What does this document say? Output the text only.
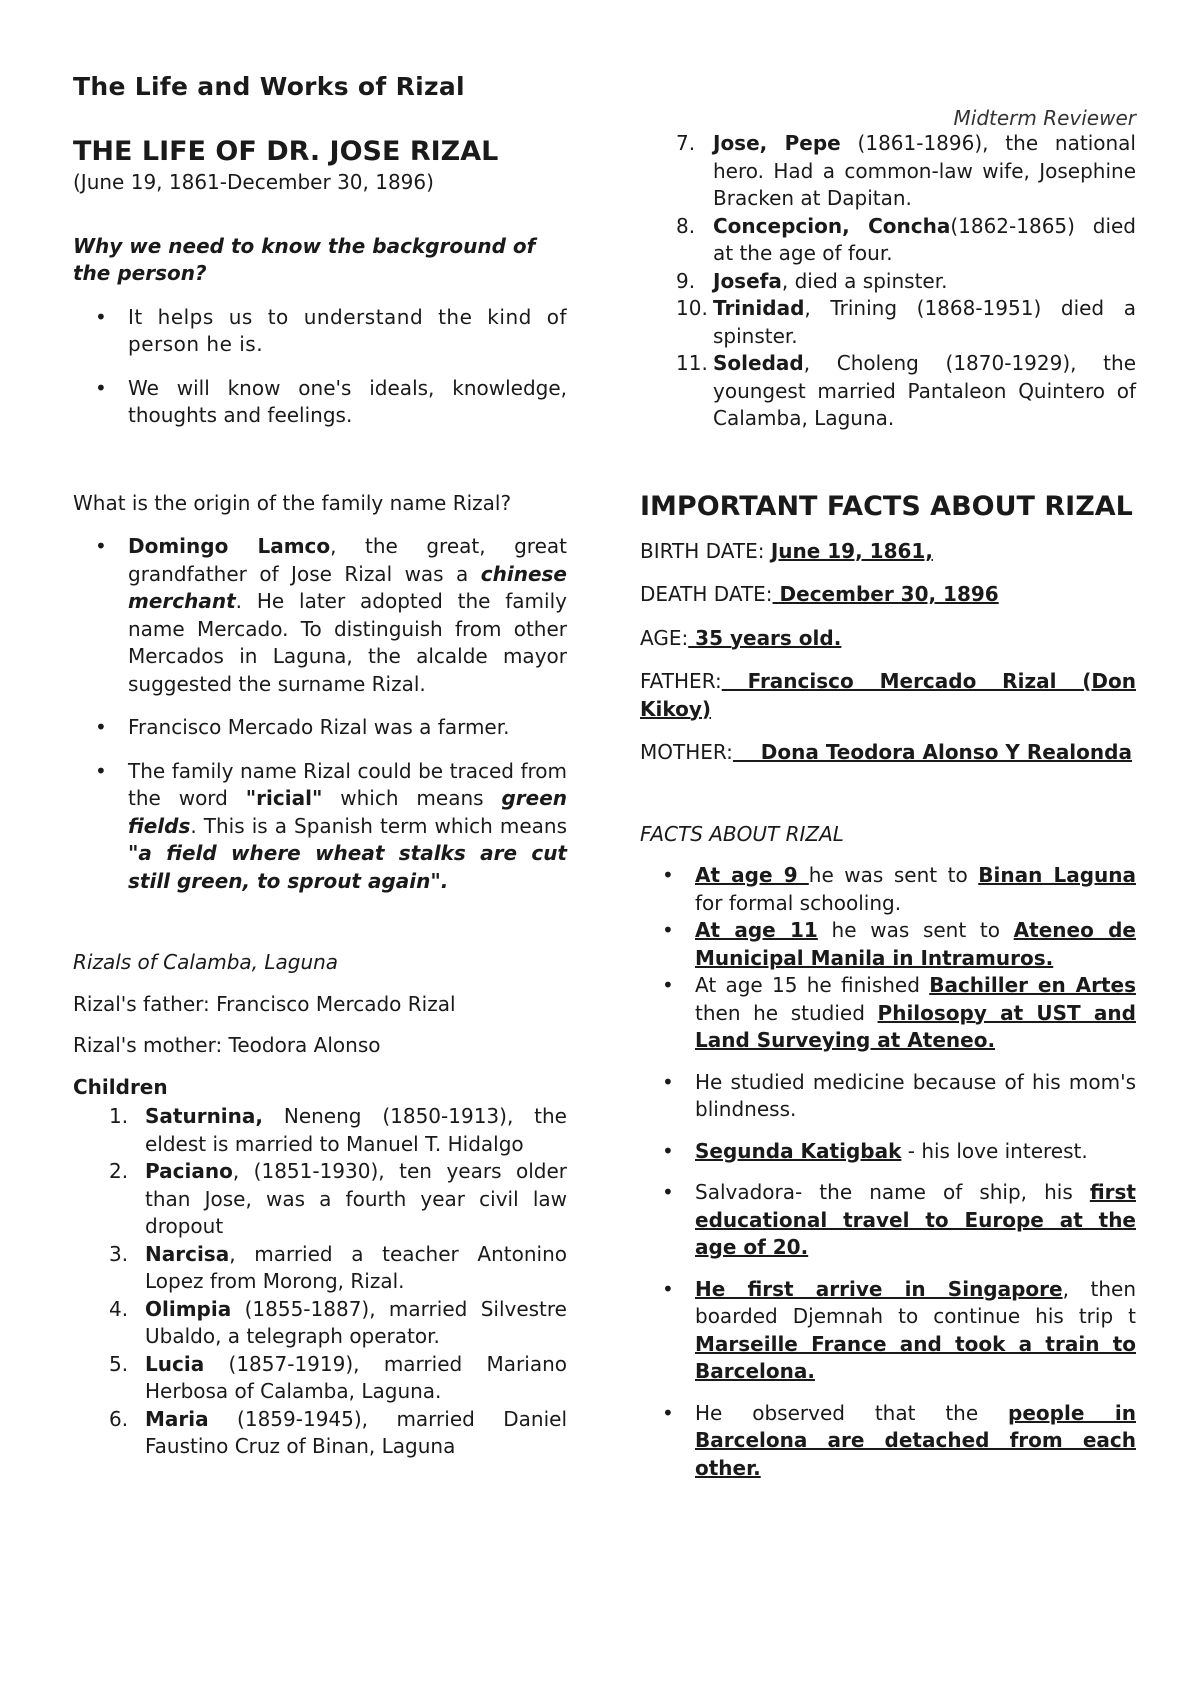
The Life and Works of Rizal
Midterm Reviewer
THE LIFE OF DR. JOSE RIZAL

(June 19, 1861-December 30, 1896)

Why we need to know the background of the person?

• It helps us to understand the kind of person he is.
• We will know one's ideals, knowledge, thoughts and feelings.

What is the origin of the family name Rizal?

• Domingo Lamco, the great, great grandfather of Jose Rizal was a chinese merchant. He later adopted the family name Mercado. To distinguish from other Mercados in Laguna, the alcalde mayor suggested the surname Rizal.
• Francisco Mercado Rizal was a farmer.
• The family name Rizal could be traced from the word "ricial" which means green fields. This is a Spanish term which means "a field where wheat stalks are cut still green, to sprout again".

Rizals of Calamba, Laguna

Rizal's father: Francisco Mercado Rizal

Rizal's mother: Teodora Alonso

Children

1. Saturnina, Neneng (1850-1913), the eldest is married to Manuel T. Hidalgo
2. Paciano, (1851-1930), ten years older than Jose, was a fourth year civil law dropout
3. Narcisa, married a teacher Antonino Lopez from Morong, Rizal.
4. Olimpia (1855-1887), married Silvestre Ubaldo, a telegraph operator.
5. Lucia (1857-1919), married Mariano Herbosa of Calamba, Laguna.
6. Maria (1859-1945), married Daniel Faustino Cruz of Binan, Laguna
7. Jose, Pepe (1861-1896), the national hero. Had a common-law wife, Josephine Bracken at Dapitan.
8. Concepcion, Concha(1862-1865) died at the age of four.
9. Josefa, died a spinster.
10. Trinidad, Trining (1868-1951) died a spinster.
11. Soledad, Choleng (1870-1929), the youngest married Pantaleon Quintero of Calamba, Laguna.
IMPORTANT FACTS ABOUT RIZAL

BIRTH DATE: June 19, 1861,

DEATH DATE: December 30, 1896

AGE: 35 years old.

FATHER: Francisco Mercado Rizal (Don Kikoy)

MOTHER:    Dona Teodora Alonso Y Realonda

FACTS ABOUT RIZAL

• At age 9 he was sent to Binan Laguna for formal schooling.
• At age 11 he was sent to Ateneo de Municipal Manila in Intramuros.
• At age 15 he finished Bachiller en Artes then he studied Philosopy at UST and Land Surveying at Ateneo.
• He studied medicine because of his mom's blindness.
• Segunda Katigbak - his love interest.
• Salvadora- the name of ship, his first educational travel to Europe at the age of 20.
• He first arrive in Singapore, then boarded Djemnah to continue his trip t Marseille France and took a train to Barcelona.
• He observed that the people in Barcelona are detached from each other.
